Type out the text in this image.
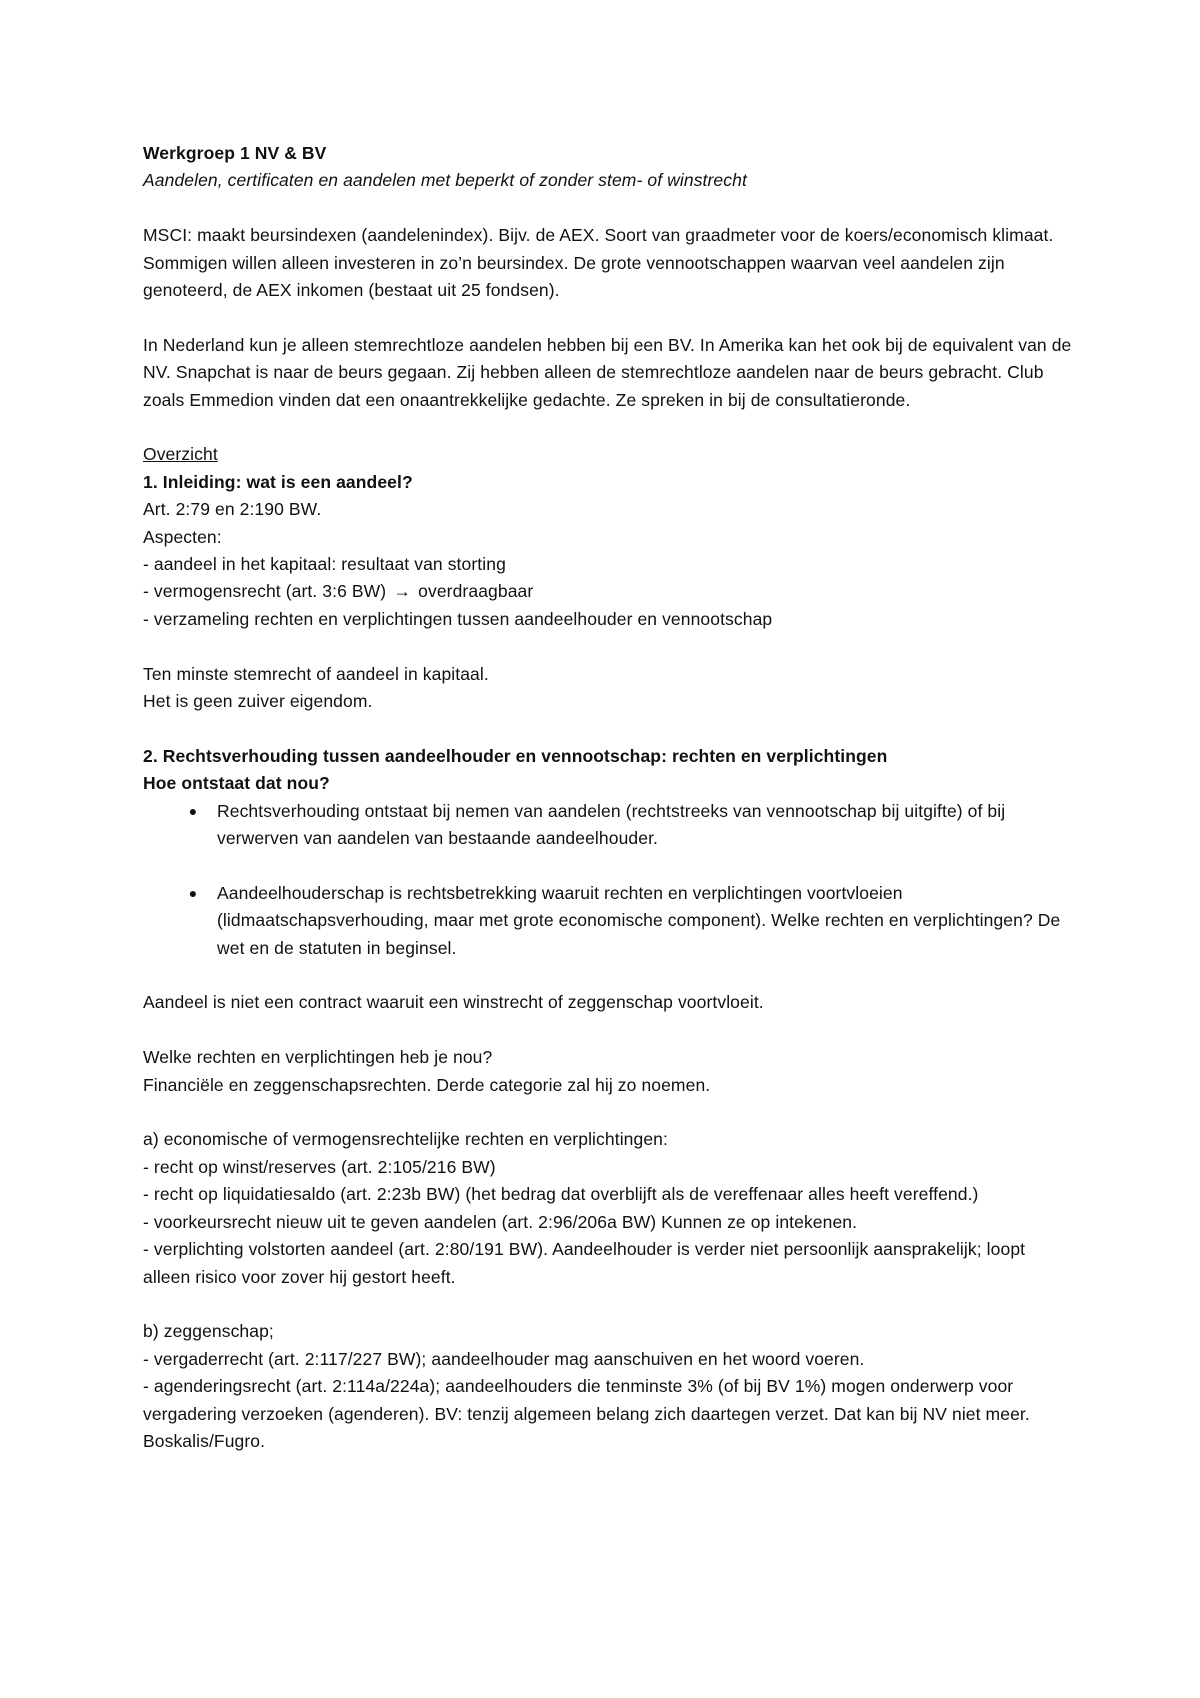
Werkgroep 1 NV & BV

Aandelen, certificaten en aandelen met beperkt of zonder stem- of winstrecht

MSCI: maakt beursindexen (aandelenindex). Bijv. de AEX. Soort van graadmeter voor de koers/economisch klimaat. Sommigen willen alleen investeren in zo’n beursindex. De grote vennootschappen waarvan veel aandelen zijn genoteerd, de AEX inkomen (bestaat uit 25 fondsen).

In Nederland kun je alleen stemrechtloze aandelen hebben bij een BV. In Amerika kan het ook bij de equivalent van de NV. Snapchat is naar de beurs gegaan. Zij hebben alleen de stemrechtloze aandelen naar de beurs gebracht. Club zoals Emmedion vinden dat een onaantrekkelijke gedachte. Ze spreken in bij de consultatieronde.

Overzicht

1. Inleiding: wat is een aandeel?

Art. 2:79 en 2:190 BW.

Aspecten:

- aandeel in het kapitaal: resultaat van storting

- vermogensrecht (art. 3:6 BW) → overdraagbaar

- verzameling rechten en verplichtingen tussen aandeelhouder en vennootschap

Ten minste stemrecht of aandeel in kapitaal.

Het is geen zuiver eigendom.

2. Rechtsverhouding tussen aandeelhouder en vennootschap: rechten en verplichtingen

Hoe ontstaat dat nou?

●	Rechtsverhouding ontstaat bij nemen van aandelen (rechtstreeks van vennootschap bij uitgifte) of bij verwerven van aandelen van bestaande aandeelhouder.
●	Aandeelhouderschap is rechtsbetrekking waaruit rechten en verplichtingen voortvloeien (lidmaatschapsverhouding, maar met grote economische component). Welke rechten en verplichtingen? De wet en de statuten in beginsel.

Aandeel is niet een contract waaruit een winstrecht of zeggenschap voortvloeit.

Welke rechten en verplichtingen heb je nou?

Financiële en zeggenschapsrechten. Derde categorie zal hij zo noemen.

a) economische of vermogensrechtelijke rechten en verplichtingen:

- recht op winst/reserves (art. 2:105/216 BW)

- recht op liquidatiesaldo (art. 2:23b BW) (het bedrag dat overblijft als de vereffenaar alles heeft vereffend.)

- voorkeursrecht nieuw uit te geven aandelen (art. 2:96/206a BW) Kunnen ze op intekenen.

- verplichting volstorten aandeel (art. 2:80/191 BW). Aandeelhouder is verder niet persoonlijk aansprakelijk; loopt alleen risico voor zover hij gestort heeft.

b) zeggenschap;

- vergaderrecht (art. 2:117/227 BW); aandeelhouder mag aanschuiven en het woord voeren.

- agenderingsrecht (art. 2:114a/224a); aandeelhouders die tenminste 3% (of bij BV 1%) mogen onderwerp voor vergadering verzoeken (agenderen). BV: tenzij algemeen belang zich daartegen verzet. Dat kan bij NV niet meer. Boskalis/Fugro.
